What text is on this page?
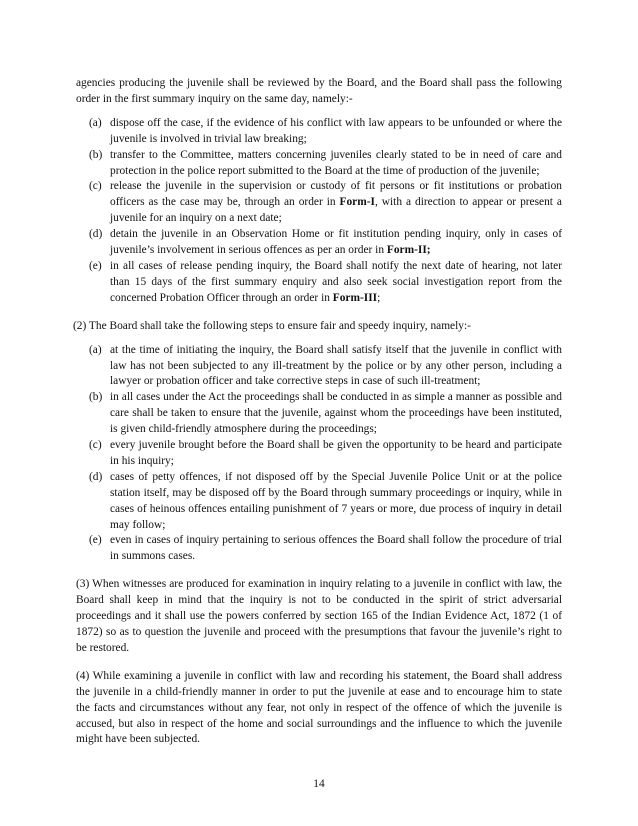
agencies producing the juvenile shall be reviewed by the Board, and the Board shall pass the following order in the first summary inquiry on the same day, namely:-

(a) dispose off the case, if the evidence of his conflict with law appears to be unfounded or where the juvenile is involved in trivial law breaking;
(b) transfer to the Committee, matters concerning juveniles clearly stated to be in need of care and protection in the police report submitted to the Board at the time of production of the juvenile;
(c) release the juvenile in the supervision or custody of fit persons or fit institutions or probation officers as the case may be, through an order in Form-I, with a direction to appear or present a juvenile for an inquiry on a next date;
(d) detain the juvenile in an Observation Home or fit institution pending inquiry, only in cases of juvenile’s involvement in serious offences as per an order in Form-II;
(e) in all cases of release pending inquiry, the Board shall notify the next date of hearing, not later than 15 days of the first summary enquiry and also seek social investigation report from the concerned Probation Officer through an order in Form-III;

(2) The Board shall take the following steps to ensure fair and speedy inquiry, namely:-

(a) at the time of initiating the inquiry, the Board shall satisfy itself that the juvenile in conflict with law has not been subjected to any ill-treatment by the police or by any other person, including a lawyer or probation officer and take corrective steps in case of such ill-treatment;
(b) in all cases under the Act the proceedings shall be conducted in as simple a manner as possible and care shall be taken to ensure that the juvenile, against whom the proceedings have been instituted, is given child-friendly atmosphere during the proceedings;
(c) every juvenile brought before the Board shall be given the opportunity to be heard and participate in his inquiry;
(d) cases of petty offences, if not disposed off by the Special Juvenile Police Unit or at the police station itself, may be disposed off by the Board through summary proceedings or inquiry, while in cases of heinous offences entailing punishment of 7 years or more, due process of inquiry in detail may follow;
(e) even in cases of inquiry pertaining to serious offences the Board shall follow the procedure of trial in summons cases.

(3) When witnesses are produced for examination in inquiry relating to a juvenile in conflict with law, the Board shall keep in mind that the inquiry is not to be conducted in the spirit of strict adversarial proceedings and it shall use the powers conferred by section 165 of the Indian Evidence Act, 1872 (1 of 1872) so as to question the juvenile and proceed with the presumptions that favour the juvenile’s right to be restored.

(4) While examining a juvenile in conflict with law and recording his statement, the Board shall address the juvenile in a child-friendly manner in order to put the juvenile at ease and to encourage him to state the facts and circumstances without any fear, not only in respect of the offence of which the juvenile is accused, but also in respect of the home and social surroundings and the influence to which the juvenile might have been subjected.

14
